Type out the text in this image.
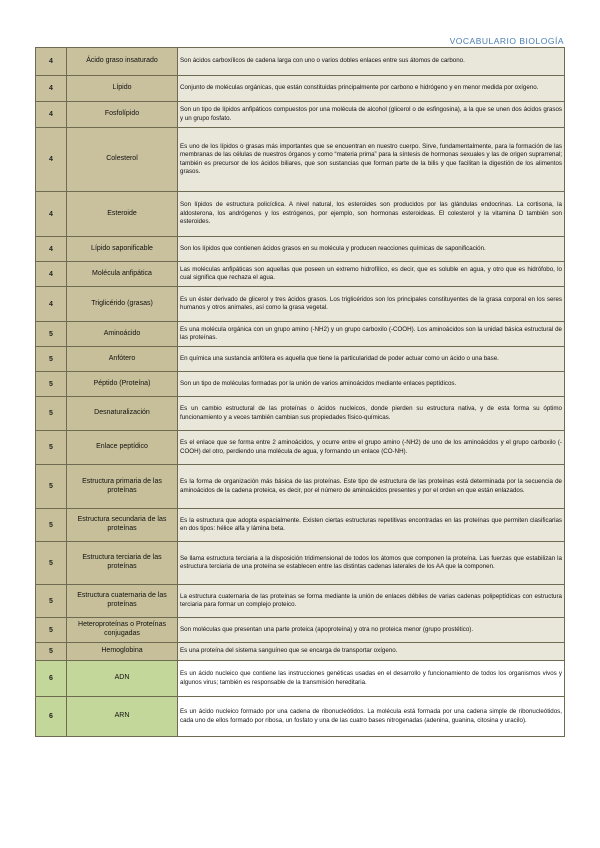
VOCABULARIO BIOLOGÍA
4	Ácido graso insaturado	Son ácidos carboxílicos de cadena larga con uno o varios dobles enlaces entre sus átomos de carbono.
4	Lípido	Conjunto de moléculas orgánicas, que están constituidas principalmente por carbono e hidrógeno y en menor medida por oxígeno.
4	Fosfolípido	Son un tipo de lípidos anfipáticos compuestos por una molécula de alcohol (glicerol o de esfingosina), a la que se unen dos ácidos grasos y un grupo fosfato.
4	Colesterol	Es uno de los lípidos o grasas más importantes que se encuentran en nuestro cuerpo. Sirve, fundamentalmente, para la formación de las membranas de las células de nuestros órganos y como “materia prima” para la síntesis de hormonas sexuales y las de origen suprarrenal; también es precursor de los ácidos biliares, que son sustancias que forman parte de la bilis y que facilitan la digestión de los alimentos grasos.
4	Esteroide	Son lípidos de estructura policíclica. A nivel natural, los esteroides son producidos por las glándulas endocrinas. La cortisona, la aldosterona, los andrógenos y los estrógenos, por ejemplo, son hormonas esteroideas. El colesterol y la vitamina D también son esteroides.
4	Lípido saponificable	Son los lípidos que contienen ácidos grasos en su molécula y producen reacciones químicas de saponificación.
4	Molécula anfipática	Las moléculas anfipáticas son aquellas que poseen un extremo hidrofílico, es decir, que es soluble en agua, y otro que es hidrófobo, lo cual significa que rechaza el agua.
4	Triglicérido (grasas)	Es un éster derivado de glicerol y tres ácidos grasos. Los triglicéridos son los principales constituyentes de la grasa corporal en los seres humanos y otros animales, así como la grasa vegetal.
5	Aminoácido	Es una molécula orgánica con un grupo amino (-NH2) y un grupo carboxilo (-COOH). Los aminoácidos son la unidad básica estructural de las proteínas.
5	Anfótero	En química una sustancia anfótera es aquella que tiene la particularidad de poder actuar como un ácido o una base.
5	Péptido (Proteína)	Son un tipo de moléculas formadas por la unión de varios aminoácidos mediante enlaces peptídicos.
5	Desnaturalización	Es un cambio estructural de las proteínas o ácidos nucleicos, donde pierden su estructura nativa, y de esta forma su óptimo funcionamiento y a veces también cambian sus propiedades físico-químicas.
5	Enlace peptídico	Es el enlace que se forma entre 2 aminoácidos, y ocurre entre el grupo amino (-NH2) de uno de los aminoácidos y el grupo carboxilo (-COOH) del otro, perdiendo una molécula de agua, y formando un enlace (CO-NH).
5	Estructura primaria de las proteínas	Es la forma de organización más básica de las proteínas. Este tipo de estructura de las proteínas está determinada por la secuencia de aminoácidos de la cadena proteica, es decir, por el número de aminoácidos presentes y por el orden en que están enlazados.
5	Estructura secundaria de las proteínas	Es la estructura que adopta espacialmente. Existen ciertas estructuras repetitivas encontradas en las proteínas que permiten clasificarlas en dos tipos: hélice alfa y lámina beta.
5	Estructura terciaria de las proteínas	Se llama estructura terciaria a la disposición tridimensional de todos los átomos que componen la proteína. Las fuerzas que estabilizan la estructura terciaria de una proteína se establecen entre las distintas cadenas laterales de los AA que la componen.
5	Estructura cuaternaria de las proteínas	La estructura cuaternaria de las proteínas se forma mediante la unión de enlaces débiles de varias cadenas polipeptídicas con estructura terciaria para formar un complejo proteico.
5	Heteroproteínas o Proteínas conjugadas	Son moléculas que presentan una parte proteica (apoproteína) y otra no proteica menor (grupo prostético).
5	Hemoglobina	Es una proteína del sistema sanguíneo que se encarga de transportar oxígeno.
6	ADN	Es un ácido nucleico que contiene las instrucciones genéticas usadas en el desarrollo y funcionamiento de todos los organismos vivos y algunos virus; también es responsable de la transmisión hereditaria.
6	ARN	Es un ácido nucleico formado por una cadena de ribonucleótidos. La molécula está formada por una cadena simple de ribonucleótidos, cada uno de ellos formado por ribosa, un fosfato y una de las cuatro bases nitrogenadas (adenina, guanina, citosina y uracilo).
